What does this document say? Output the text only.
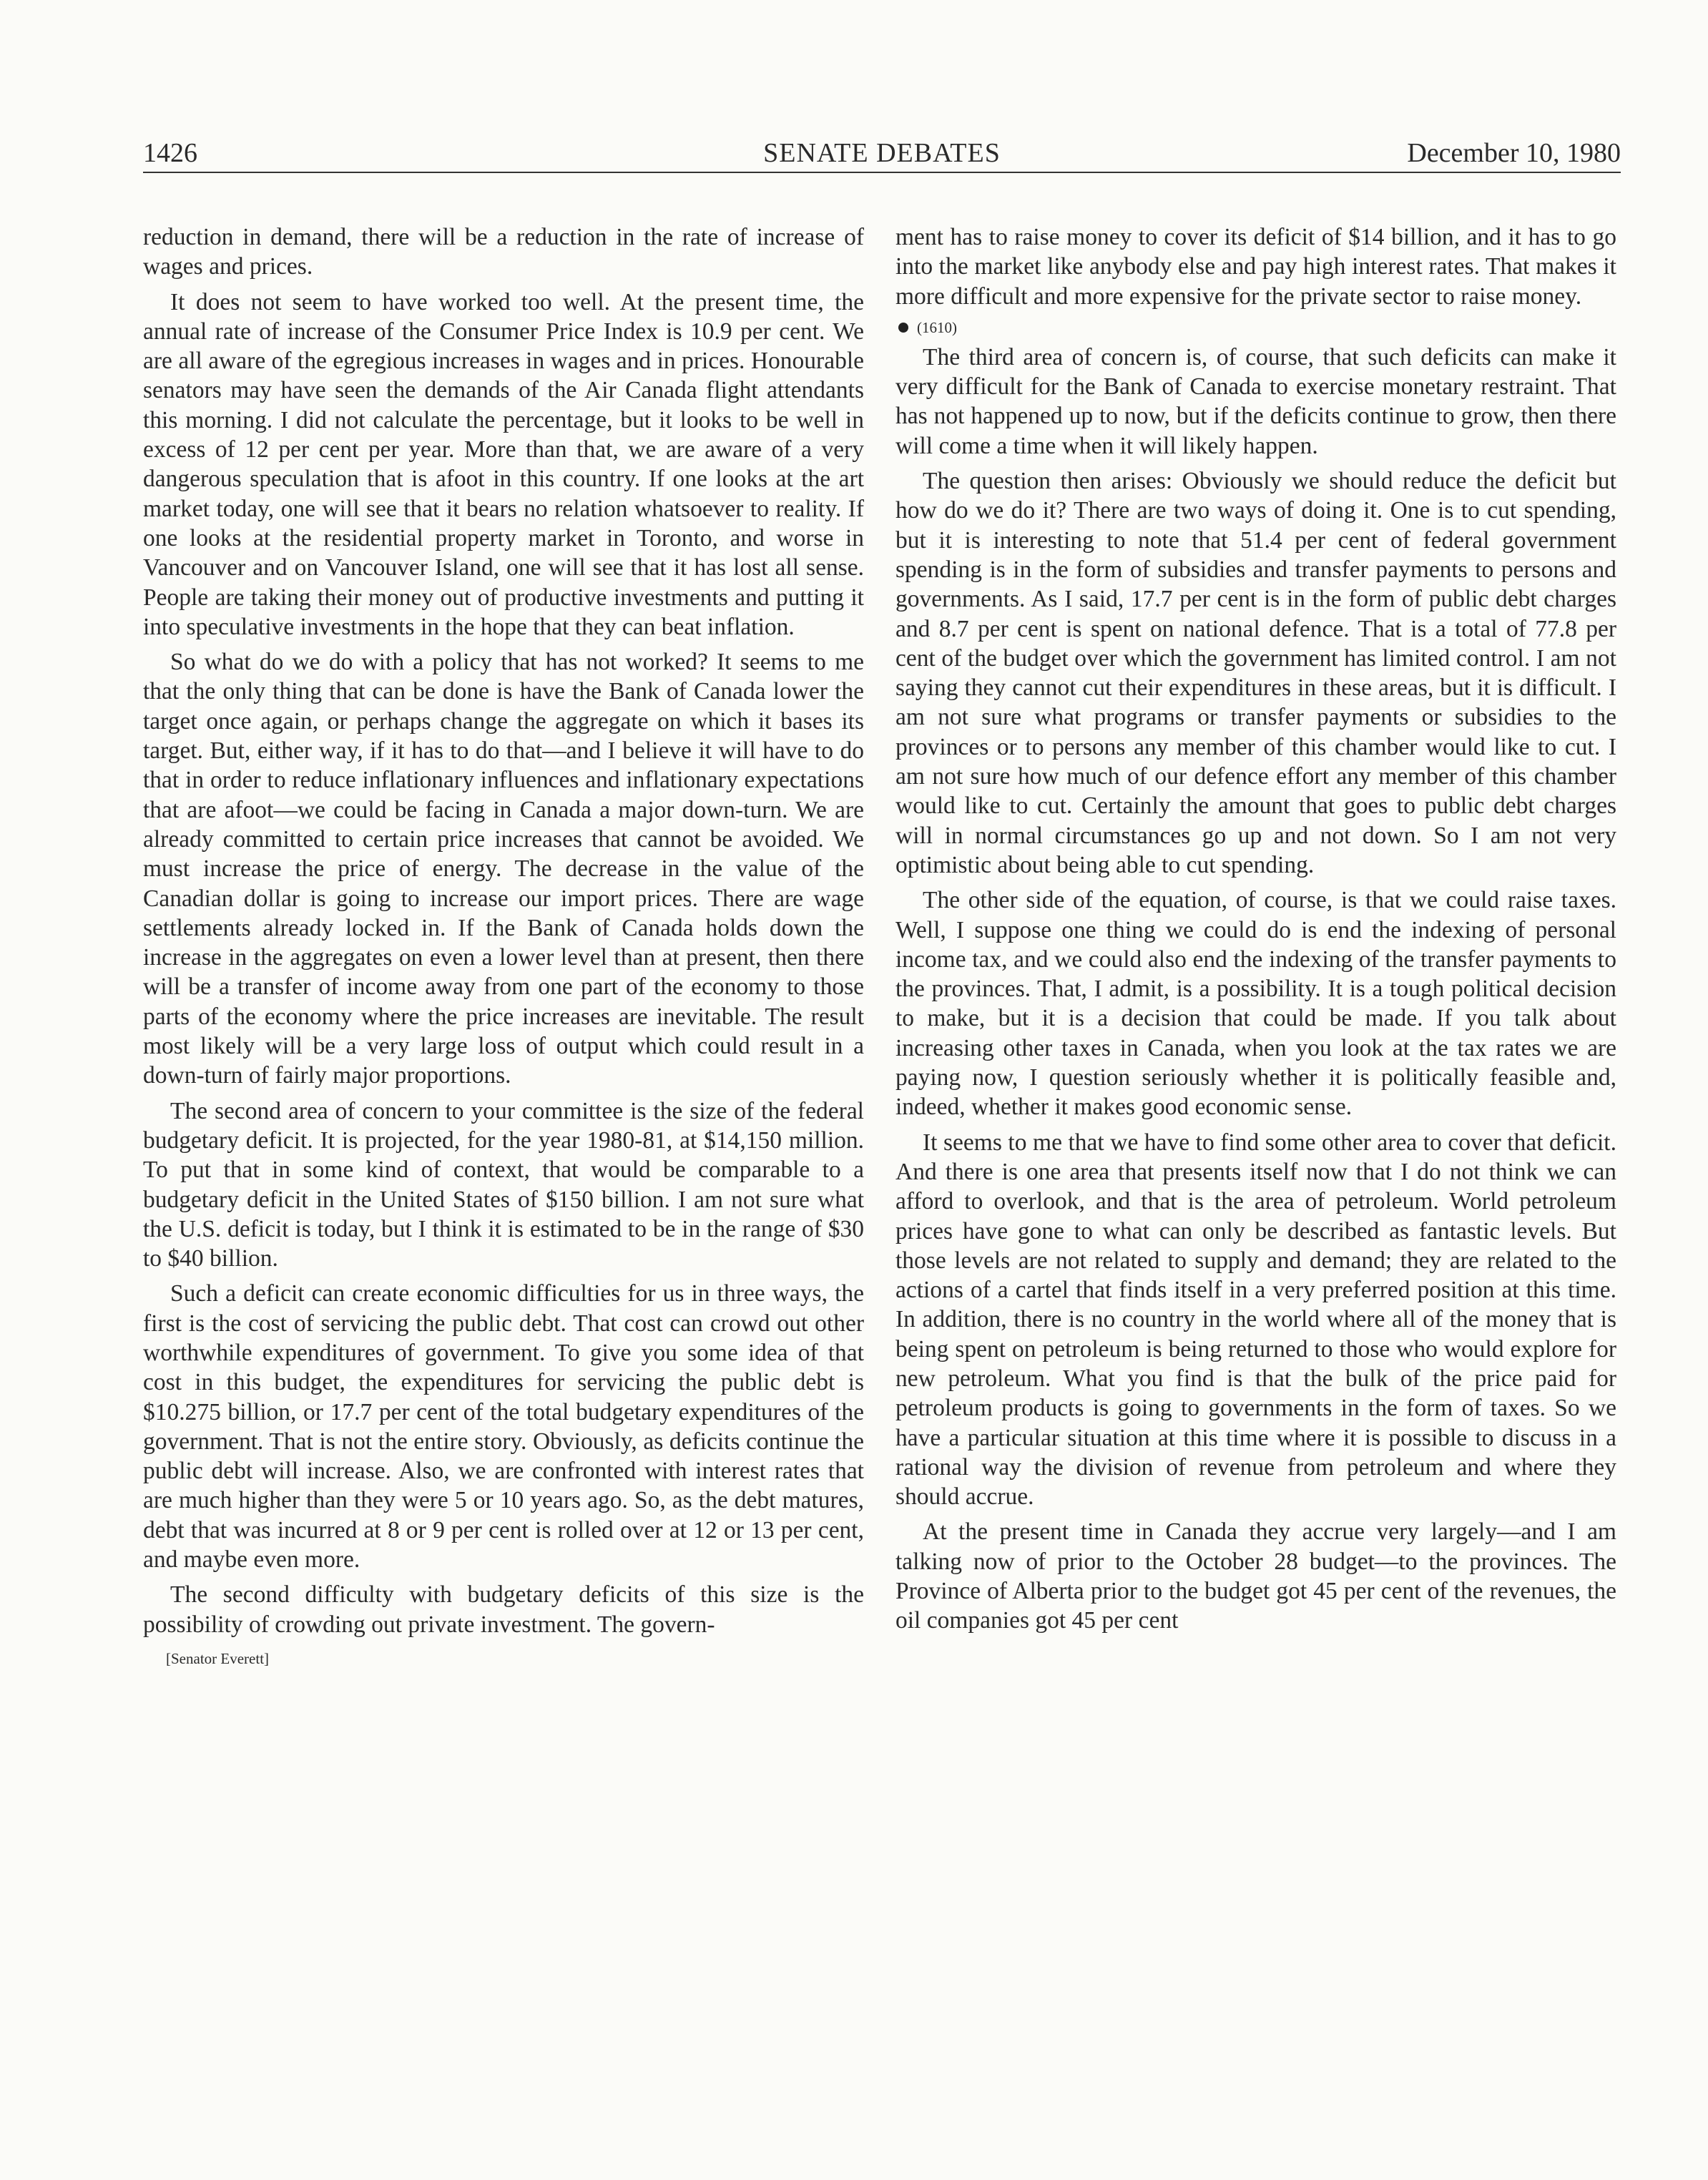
1426	SENATE DEBATES	December 10, 1980

reduction in demand, there will be a reduction in the rate of increase of wages and prices.

It does not seem to have worked too well. At the present time, the annual rate of increase of the Consumer Price Index is 10.9 per cent. We are all aware of the egregious increases in wages and in prices. Honourable senators may have seen the demands of the Air Canada flight attendants this morning. I did not calculate the percentage, but it looks to be well in excess of 12 per cent per year. More than that, we are aware of a very dangerous speculation that is afoot in this country. If one looks at the art market today, one will see that it bears no relation whatsoever to reality. If one looks at the residential property market in Toronto, and worse in Vancouver and on Vancouver Island, one will see that it has lost all sense. People are taking their money out of productive investments and putting it into speculative investments in the hope that they can beat inflation.

So what do we do with a policy that has not worked? It seems to me that the only thing that can be done is have the Bank of Canada lower the target once again, or perhaps change the aggregate on which it bases its target. But, either way, if it has to do that—and I believe it will have to do that in order to reduce inflationary influences and inflationary expectations that are afoot—we could be facing in Canada a major down-turn. We are already committed to certain price increases that cannot be avoided. We must increase the price of energy. The decrease in the value of the Canadian dollar is going to increase our import prices. There are wage settlements already locked in. If the Bank of Canada holds down the increase in the aggregates on even a lower level than at present, then there will be a transfer of income away from one part of the economy to those parts of the economy where the price increases are inevitable. The result most likely will be a very large loss of output which could result in a down-turn of fairly major proportions.

The second area of concern to your committee is the size of the federal budgetary deficit. It is projected, for the year 1980-81, at $14,150 million. To put that in some kind of context, that would be comparable to a budgetary deficit in the United States of $150 billion. I am not sure what the U.S. deficit is today, but I think it is estimated to be in the range of $30 to $40 billion.

Such a deficit can create economic difficulties for us in three ways, the first is the cost of servicing the public debt. That cost can crowd out other worthwhile expenditures of government. To give you some idea of that cost in this budget, the expenditures for servicing the public debt is $10.275 billion, or 17.7 per cent of the total budgetary expenditures of the government. That is not the entire story. Obviously, as deficits continue the public debt will increase. Also, we are confronted with interest rates that are much higher than they were 5 or 10 years ago. So, as the debt matures, debt that was incurred at 8 or 9 per cent is rolled over at 12 or 13 per cent, and maybe even more.

The second difficulty with budgetary deficits of this size is the possibility of crowding out private investment. The govern-

[Senator Everett]

ment has to raise money to cover its deficit of $14 billion, and it has to go into the market like anybody else and pay high interest rates. That makes it more difficult and more expensive for the private sector to raise money.

(1610)

The third area of concern is, of course, that such deficits can make it very difficult for the Bank of Canada to exercise monetary restraint. That has not happened up to now, but if the deficits continue to grow, then there will come a time when it will likely happen.

The question then arises: Obviously we should reduce the deficit but how do we do it? There are two ways of doing it. One is to cut spending, but it is interesting to note that 51.4 per cent of federal government spending is in the form of subsidies and transfer payments to persons and governments. As I said, 17.7 per cent is in the form of public debt charges and 8.7 per cent is spent on national defence. That is a total of 77.8 per cent of the budget over which the government has limited control. I am not saying they cannot cut their expenditures in these areas, but it is difficult. I am not sure what programs or transfer payments or subsidies to the provinces or to persons any member of this chamber would like to cut. I am not sure how much of our defence effort any member of this chamber would like to cut. Certainly the amount that goes to public debt charges will in normal circumstances go up and not down. So I am not very optimistic about being able to cut spending.

The other side of the equation, of course, is that we could raise taxes. Well, I suppose one thing we could do is end the indexing of personal income tax, and we could also end the indexing of the transfer payments to the provinces. That, I admit, is a possibility. It is a tough political decision to make, but it is a decision that could be made. If you talk about increasing other taxes in Canada, when you look at the tax rates we are paying now, I question seriously whether it is politically feasible and, indeed, whether it makes good economic sense.

It seems to me that we have to find some other area to cover that deficit. And there is one area that presents itself now that I do not think we can afford to overlook, and that is the area of petroleum. World petroleum prices have gone to what can only be described as fantastic levels. But those levels are not related to supply and demand; they are related to the actions of a cartel that finds itself in a very preferred position at this time. In addition, there is no country in the world where all of the money that is being spent on petroleum is being returned to those who would explore for new petroleum. What you find is that the bulk of the price paid for petroleum products is going to governments in the form of taxes. So we have a particular situation at this time where it is possible to discuss in a rational way the division of revenue from petroleum and where they should accrue.

At the present time in Canada they accrue very largely—and I am talking now of prior to the October 28 budget—to the provinces. The Province of Alberta prior to the budget got 45 per cent of the revenues, the oil companies got 45 per cent
